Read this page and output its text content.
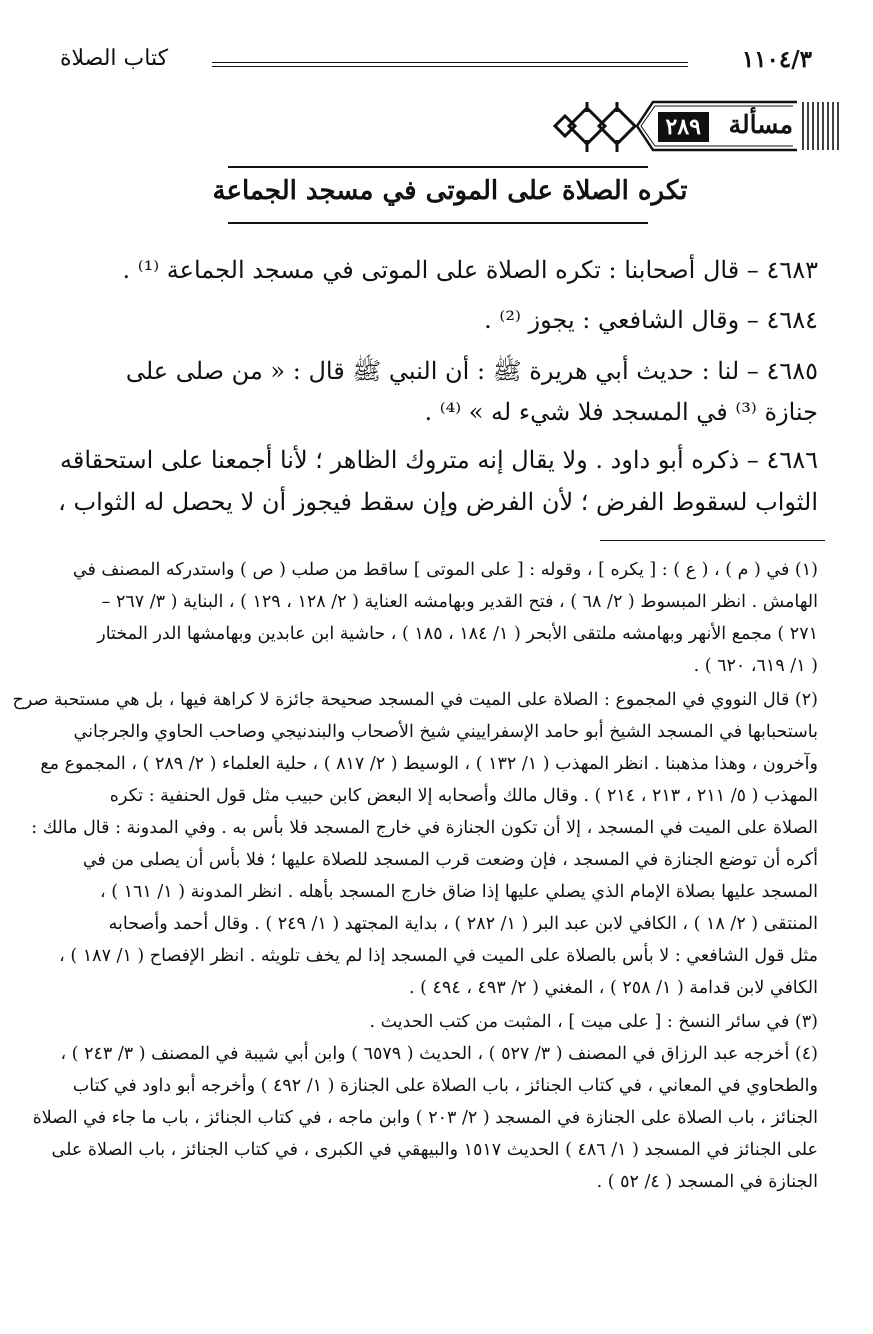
١١٠٤/٣
كتاب الصلاة
مسألة
٢٨٩
تكره الصلاة على الموتى في مسجد الجماعة
٤٦٨٣ – قال أصحابنا : تكره الصلاة على الموتى في مسجد الجماعة ⁽¹⁾ .
٤٦٨٤ – وقال الشافعي : يجوز ⁽²⁾ .
٤٦٨٥ – لنا : حديث أبي هريرة ﷺ : أن النبي ﷺ قال : « من صلى على
جنازة ⁽³⁾ في المسجد فلا شيء له » ⁽⁴⁾ .
٤٦٨٦ – ذكره أبو داود . ولا يقال إنه متروك الظاهر ؛ لأنا أجمعنا على استحقاقه
الثواب لسقوط الفرض ؛ لأن الفرض وإن سقط فيجوز أن لا يحصل له الثواب ،
(١) في ( م ) ، ( ع ) : [ يكره ] ، وقوله : [ على الموتى ] ساقط من صلب ( ص ) واستدركه المصنف في
الهامش . انظر المبسوط ( ٢/ ٦٨ ) ، فتح القدير وبهامشه العناية ( ٢/ ١٢٨ ، ١٢٩ ) ، البناية ( ٣/ ٢٦٧ –
٢٧١ ) مجمع الأنهر وبهامشه ملتقى الأبحر ( ١/ ١٨٤ ، ١٨٥ ) ، حاشية ابن عابدين وبهامشها الدر المختار
( ١/ ٦١٩، ٦٢٠ ) .
(٢) قال النووي في المجموع : الصلاة على الميت في المسجد صحيحة جائزة لا كراهة فيها ، بل هي مستحبة صرح
باستحبابها في المسجد الشيخ أبو حامد الإسفراييني شيخ الأصحاب والبندنيجي وصاحب الحاوي والجرجاني
وآخرون ، وهذا مذهبنا . انظر المهذب ( ١/ ١٣٢ ) ، الوسيط ( ٢/ ٨١٧ ) ، حلية العلماء ( ٢/ ٢٨٩ ) ، المجموع مع
المهذب ( ٥/ ٢١١ ، ٢١٣ ، ٢١٤ ) . وقال مالك وأصحابه إلا البعض كابن حبيب مثل قول الحنفية : تكره
الصلاة على الميت في المسجد ، إلا أن تكون الجنازة في خارج المسجد فلا بأس به . وفي المدونة : قال مالك :
أكره أن توضع الجنازة في المسجد ، فإن وضعت قرب المسجد للصلاة عليها ؛ فلا بأس أن يصلى من في
المسجد عليها بصلاة الإمام الذي يصلي عليها إذا ضاق خارج المسجد بأهله . انظر المدونة ( ١/ ١٦١ ) ،
المنتقى ( ٢/ ١٨ ) ، الكافي لابن عبد البر ( ١/ ٢٨٢ ) ، بداية المجتهد ( ١/ ٢٤٩ ) . وقال أحمد وأصحابه
مثل قول الشافعي : لا بأس بالصلاة على الميت في المسجد إذا لم يخف تلويثه . انظر الإفصاح ( ١/ ١٨٧ ) ،
الكافي لابن قدامة ( ١/ ٢٥٨ ) ، المغني ( ٢/ ٤٩٣ ، ٤٩٤ ) .
(٣) في سائر النسخ : [ على ميت ] ، المثبت من كتب الحديث .
(٤) أخرجه عبد الرزاق في المصنف ( ٣/ ٥٢٧ ) ، الحديث ( ٦٥٧٩ ) وابن أبي شيبة في المصنف ( ٣/ ٢٤٣ ) ،
والطحاوي في المعاني ، في كتاب الجنائز ، باب الصلاة على الجنازة ( ١/ ٤٩٢ ) وأخرجه أبو داود في كتاب
الجنائز ، باب الصلاة على الجنازة في المسجد ( ٢/ ٢٠٣ ) وابن ماجه ، في كتاب الجنائز ، باب ما جاء في الصلاة
على الجنائز في المسجد ( ١/ ٤٨٦ ) الحديث ١٥١٧ والبيهقي في الكبرى ، في كتاب الجنائز ، باب الصلاة على
الجنازة في المسجد ( ٤/ ٥٢ ) .
